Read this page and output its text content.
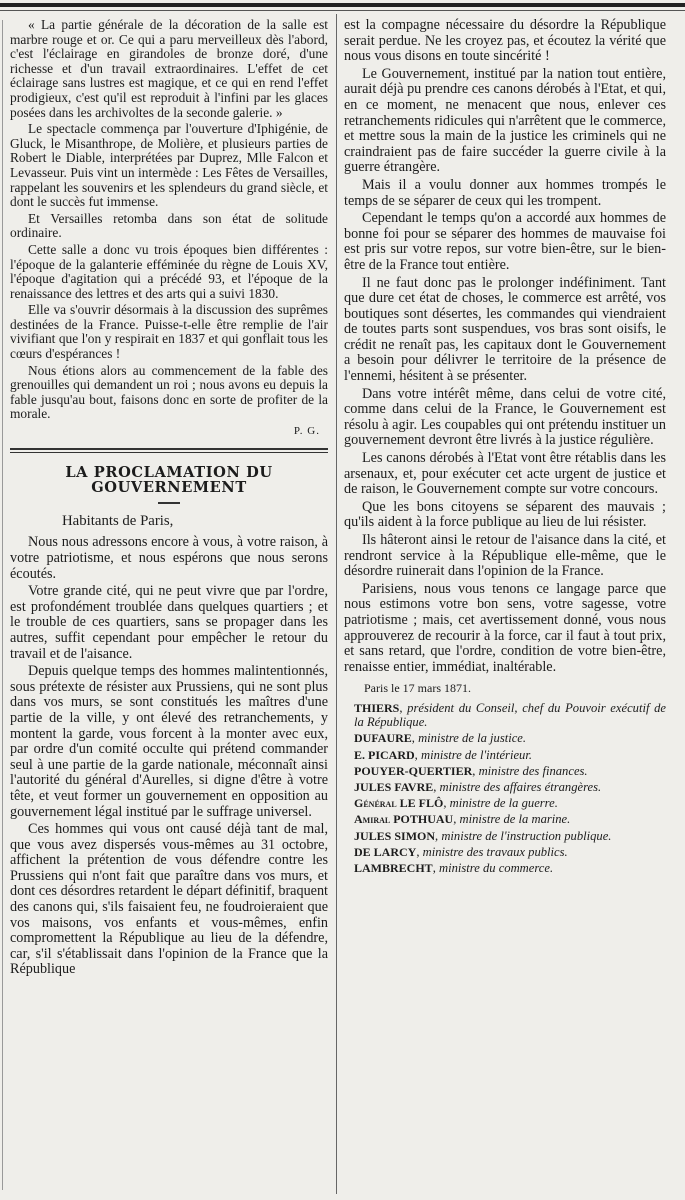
« La partie générale de la décoration de la salle est marbre rouge et or. Ce qui a paru merveilleux dès l'abord, c'est l'éclairage en girandoles de bronze doré, d'une richesse et d'un travail extraordinaires. L'effet de cet éclairage sans lustres est magique, et ce qui en rend l'effet prodigieux, c'est qu'il est reproduit à l'infini par les glaces posées dans les archivoltes de la seconde galerie. »

Le spectacle commença par l'ouverture d'Iphigénie, de Gluck, le Misanthrope, de Molière, et plusieurs parties de Robert le Diable, interprétées par Duprez, Mlle Falcon et Levasseur. Puis vint un intermède : Les Fêtes de Versailles, rappelant les souvenirs et les splendeurs du grand siècle, et dont le succès fut immense.

Et Versailles retomba dans son état de solitude ordinaire.

Cette salle a donc vu trois époques bien différentes : l'époque de la galanterie efféminée du règne de Louis XV, l'époque d'agitation qui a précédé 93, et l'époque de la renaissance des lettres et des arts qui a suivi 1830.

Elle va s'ouvrir désormais à la discussion des suprêmes destinées de la France. Puisse-t-elle être remplie de l'air vivifiant que l'on y respirait en 1837 et qui gonflait tous les cœurs d'espérances !

Nous étions alors au commencement de la fable des grenouilles qui demandent un roi ; nous avons eu depuis la fable jusqu'au bout, faisons donc en sorte de profiter de la morale.

P. G.
LA PROCLAMATION DU GOUVERNEMENT

Habitants de Paris,

Nous nous adressons encore à vous, à votre raison, à votre patriotisme, et nous espérons que nous serons écoutés.

Votre grande cité, qui ne peut vivre que par l'ordre, est profondément troublée dans quelques quartiers ; et le trouble de ces quartiers, sans se propager dans les autres, suffit cependant pour empêcher le retour du travail et de l'aisance.

Depuis quelque temps des hommes malintentionnés, sous prétexte de résister aux Prussiens, qui ne sont plus dans vos murs, se sont constitués les maîtres d'une partie de la ville, y ont élevé des retranchements, y montent la garde, vous forcent à la monter avec eux, par ordre d'un comité occulte qui prétend commander seul à une partie de la garde nationale, méconnaît ainsi l'autorité du général d'Aurelles, si digne d'être à votre tête, et veut former un gouvernement en opposition au gouvernement légal institué par le suffrage universel.

Ces hommes qui vous ont causé déjà tant de mal, que vous avez dispersés vous-mêmes au 31 octobre, affichent la prétention de vous défendre contre les Prussiens qui n'ont fait que paraître dans vos murs, et dont ces désordres retardent le départ définitif, braquent des canons qui, s'ils faisaient feu, ne foudroieraient que vos maisons, vos enfants et vous-mêmes, enfin compromettent la République au lieu de la défendre, car, s'il s'établissait dans l'opinion de la France que la République

est la compagne nécessaire du désordre la République serait perdue. Ne les croyez pas, et écoutez la vérité que nous vous disons en toute sincérité !

Le Gouvernement, institué par la nation tout entière, aurait déjà pu prendre ces canons dérobés à l'Etat, et qui, en ce moment, ne menacent que nous, enlever ces retranchements ridicules qui n'arrêtent que le commerce, et mettre sous la main de la justice les criminels qui ne craindraient pas de faire succéder la guerre civile à la guerre étrangère.

Mais il a voulu donner aux hommes trompés le temps de se séparer de ceux qui les trompent.

Cependant le temps qu'on a accordé aux hommes de bonne foi pour se séparer des hommes de mauvaise foi est pris sur votre repos, sur votre bien-être, sur le bien-être de la France tout entière.

Il ne faut donc pas le prolonger indéfiniment. Tant que dure cet état de choses, le commerce est arrêté, vos boutiques sont désertes, les commandes qui viendraient de toutes parts sont suspendues, vos bras sont oisifs, le crédit ne renaît pas, les capitaux dont le Gouvernement a besoin pour délivrer le territoire de la présence de l'ennemi, hésitent à se présenter.

Dans votre intérêt même, dans celui de votre cité, comme dans celui de la France, le Gouvernement est résolu à agir. Les coupables qui ont prétendu instituer un gouvernement devront être livrés à la justice régulière.

Les canons dérobés à l'Etat vont être rétablis dans les arsenaux, et, pour exécuter cet acte urgent de justice et de raison, le Gouvernement compte sur votre concours.

Que les bons citoyens se séparent des mauvais ; qu'ils aident à la force publique au lieu de lui résister.

Ils hâteront ainsi le retour de l'aisance dans la cité, et rendront service à la République elle-même, que le désordre ruinerait dans l'opinion de la France.

Parisiens, nous vous tenons ce langage parce que nous estimons votre bon sens, votre sagesse, votre patriotisme ; mais, cet avertissement donné, vous nous approuverez de recourir à la force, car il faut à tout prix, et sans retard, que l'ordre, condition de votre bien-être, renaisse entier, immédiat, inaltérable.

Paris le 17 mars 1871.

THIERS, président du Conseil, chef du Pouvoir exécutif de la République.
DUFAURE, ministre de la justice.
E. PICARD, ministre de l'intérieur.
POUYER-QUERTIER, ministre des finances.
JULES FAVRE, ministre des affaires étrangères.
Général LE FLÔ, ministre de la guerre.
Amiral POTHUAU, ministre de la marine.
JULES SIMON, ministre de l'instruction publique.
DE LARCY, ministre des travaux publics.
LAMBRECHT, ministre du commerce.
